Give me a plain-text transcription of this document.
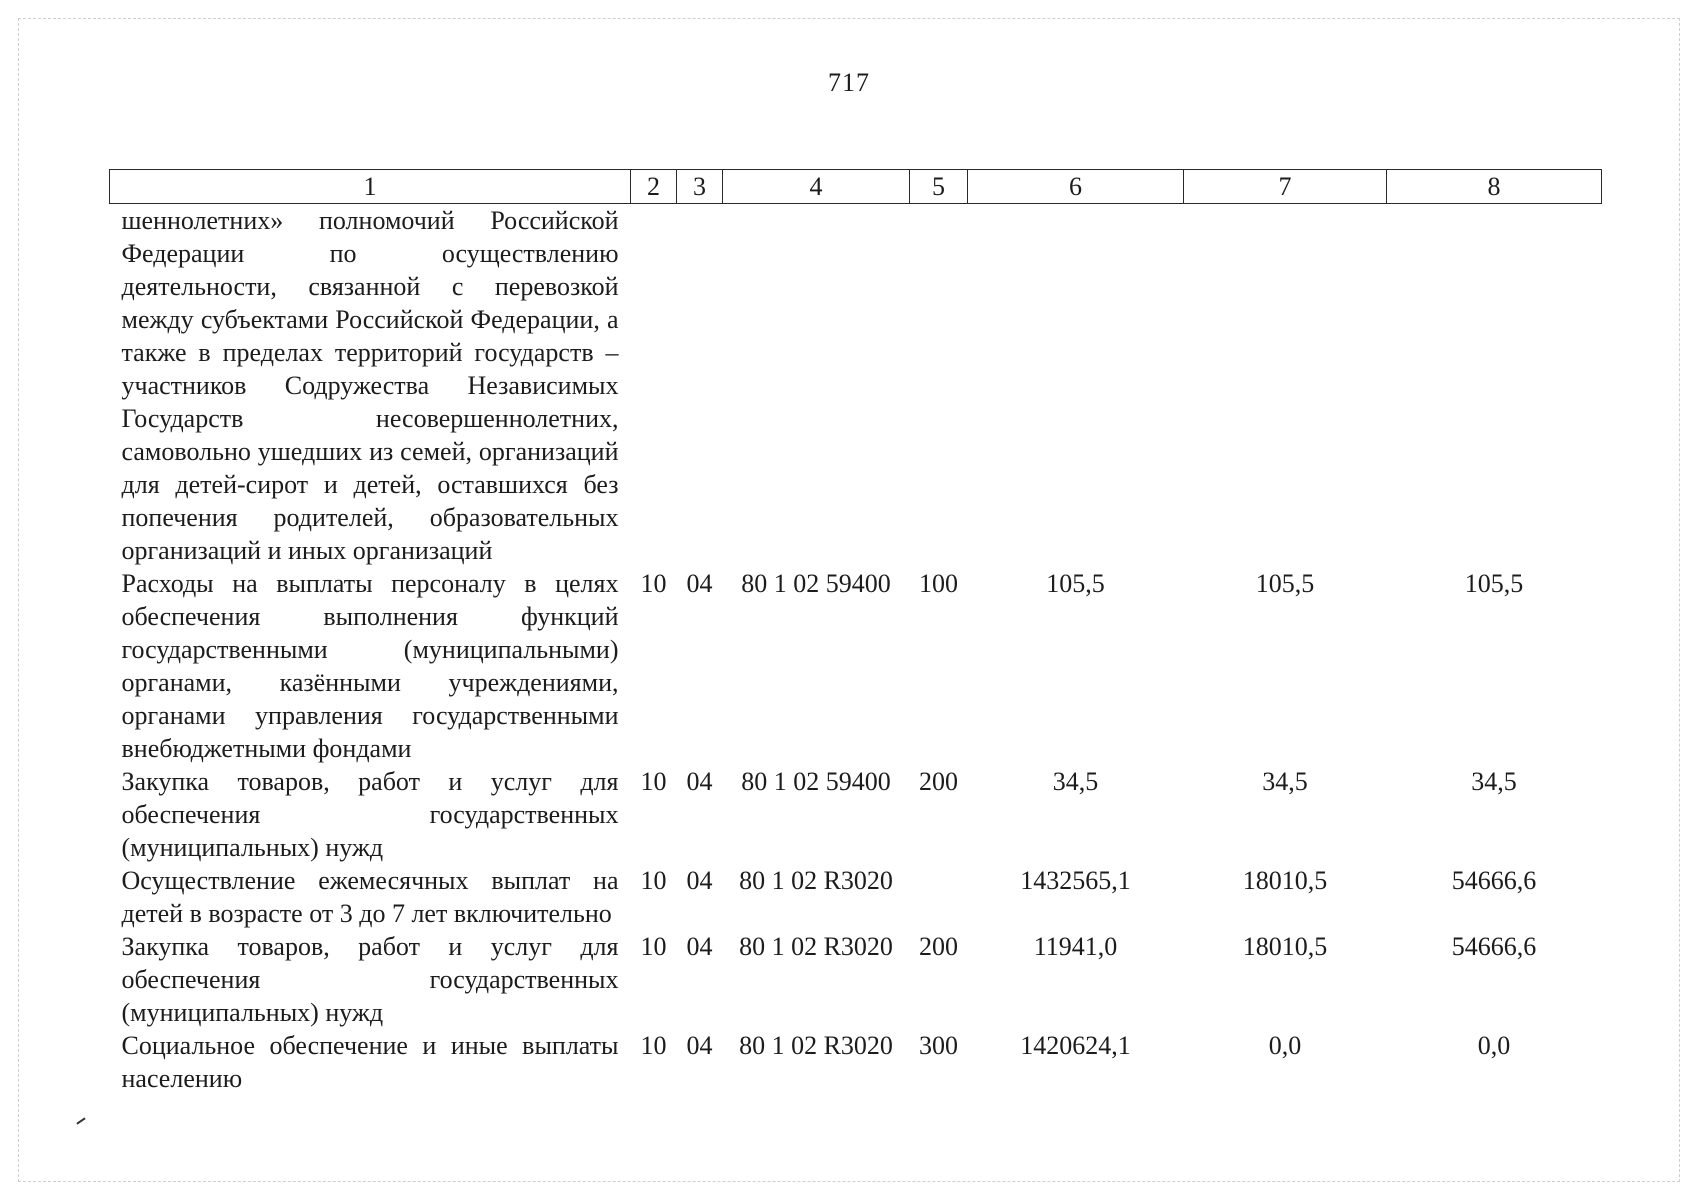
717
1	2	3	4	5	6	7	8
шеннолетних» полномочий Российской Федерации по осуществлению деятельности, связанной с перевозкой между субъектами Российской Федерации, а также в пределах территорий государств – участников Содружества Независимых Государств несовершеннолетних, самовольно ушедших из семей, организаций для детей-сирот и детей, оставшихся без попечения родителей, образовательных организаций и иных организаций							
Расходы на выплаты персоналу в целях обеспечения выполнения функций государственными (муниципальными) органами, казёнными учреждениями, органами управления государственными внебюджетными фондами	10	04	80 1 02 59400	100	105,5	105,5	105,5
Закупка товаров, работ и услуг для обеспечения государственных (муниципальных) нужд	10	04	80 1 02 59400	200	34,5	34,5	34,5
Осуществление ежемесячных выплат на детей в возрасте от 3 до 7 лет включительно	10	04	80 1 02 R3020		1432565,1	18010,5	54666,6
Закупка товаров, работ и услуг для обеспечения государственных (муниципальных) нужд	10	04	80 1 02 R3020	200	11941,0	18010,5	54666,6
Социальное обеспечение и иные выплаты населению	10	04	80 1 02 R3020	300	1420624,1	0,0	0,0
